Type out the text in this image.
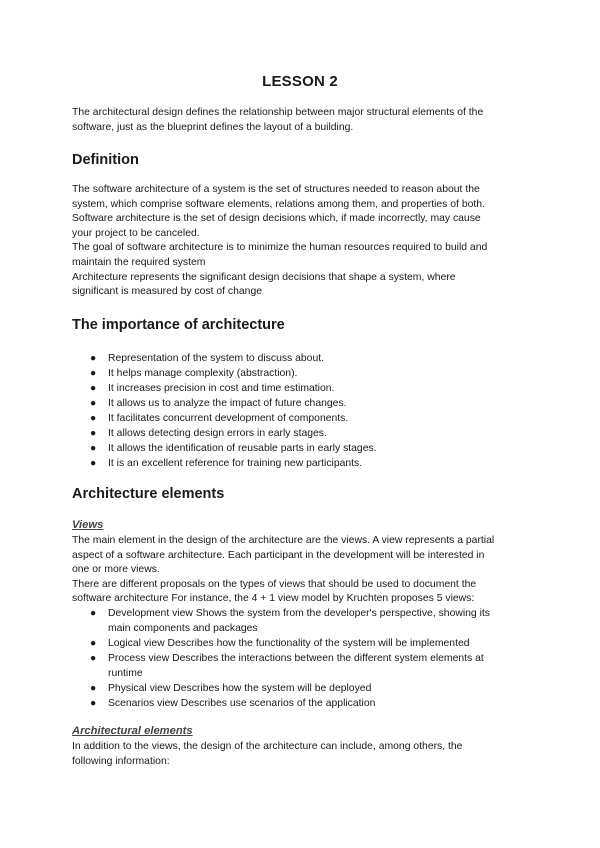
LESSON 2
The architectural design defines the relationship between major structural elements of the
software, just as the blueprint defines the layout of a building.
Definition
The software architecture of a system is the set of structures needed to reason about the
system, which comprise software elements, relations among them, and properties of both.
Software architecture is the set of design decisions which, if made incorrectly, may cause
your project to be canceled.
The goal of software architecture is to minimize the human resources required to build and
maintain the required system
Architecture represents the significant design decisions that shape a system, where
significant is measured by cost of change
The importance of architecture
●	Representation of the system to discuss about.
●	It helps manage complexity (abstraction).
●	It increases precision in cost and time estimation.
●	It allows us to analyze the impact of future changes.
●	It facilitates concurrent development of components.
●	It allows detecting design errors in early stages.
●	It allows the identification of reusable parts in early stages.
●	It is an excellent reference for training new participants.
Architecture elements
Views
The main element in the design of the architecture are the views. A view represents a partial
aspect of a software architecture. Each participant in the development will be interested in
one or more views.
There are different proposals on the types of views that should be used to document the
software architecture For instance, the 4 + 1 view model by Kruchten proposes 5 views:
●	Development view Shows the system from the developer's perspective, showing its
main components and packages
●	Logical view Describes how the functionality of the system will be implemented
●	Process view Describes the interactions between the different system elements at
runtime
●	Physical view Describes how the system will be deployed
●	Scenarios view Describes use scenarios of the application
Architectural elements
In addition to the views, the design of the architecture can include, among others, the
following information:
